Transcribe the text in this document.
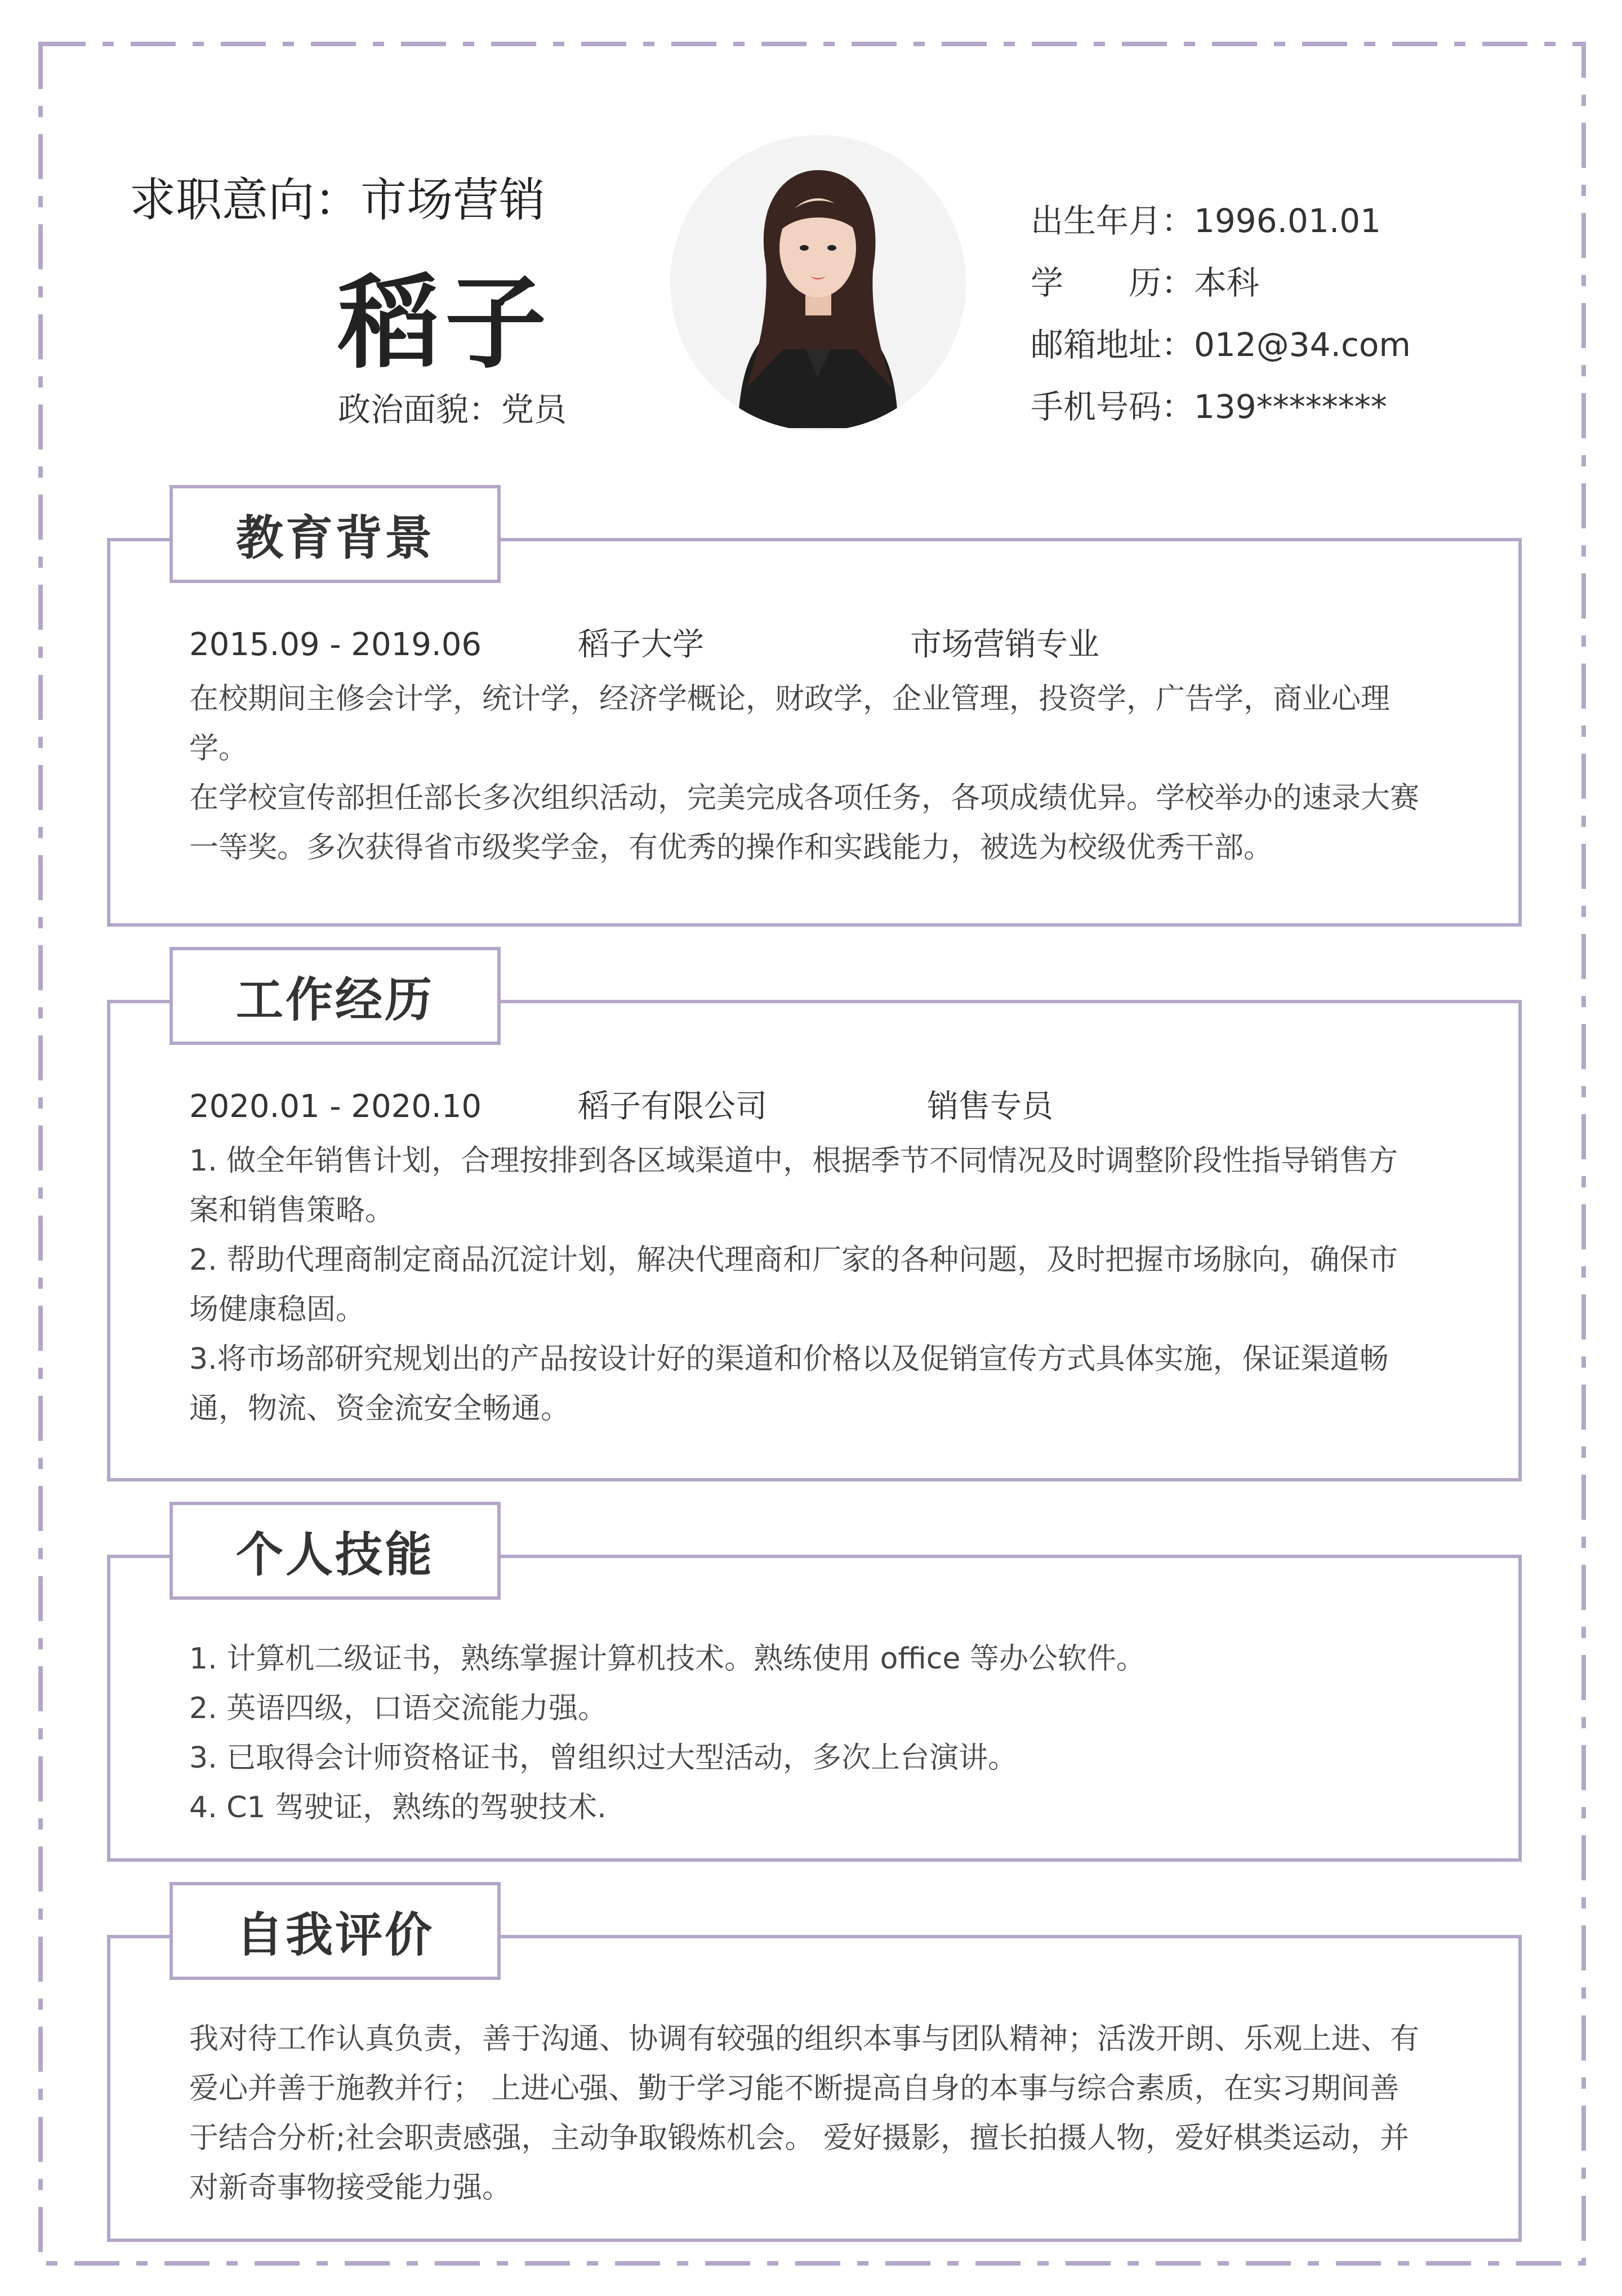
求职意向：市场营销
稻子
政治面貌：党员
出生年月：1996.01.01
学　　历：本科
邮箱地址：012@34.com
手机号码：139********
教育背景
2015.09 - 2019.06	稻子大学	市场营销专业

在校期间主修会计学，统计学，经济学概论，财政学，企业管理，投资学，广告学，商业心理学。

在学校宣传部担任部长多次组织活动，完美完成各项任务，各项成绩优异。学校举办的速录大赛一等奖。多次获得省市级奖学金，有优秀的操作和实践能力，被选为校级优秀干部。

工作经历
2020.01 - 2020.10	稻子有限公司	销售专员

1. 做全年销售计划，合理按排到各区域渠道中，根据季节不同情况及时调整阶段性指导销售方案和销售策略。

2. 帮助代理商制定商品沉淀计划，解决代理商和厂家的各种问题，及时把握市场脉向，确保市场健康稳固。

3.将市场部研究规划出的产品按设计好的渠道和价格以及促销宣传方式具体实施，保证渠道畅通，物流、资金流安全畅通。

个人技能

1. 计算机二级证书，熟练掌握计算机技术。熟练使用 office 等办公软件。

2. 英语四级，口语交流能力强。

3. 已取得会计师资格证书，曾组织过大型活动，多次上台演讲。

4. C1 驾驶证，熟练的驾驶技术.

自我评价

我对待工作认真负责，善于沟通、协调有较强的组织本事与团队精神；活泼开朗、乐观上进、有爱心并善于施教并行； 上进心强、勤于学习能不断提高自身的本事与综合素质，在实习期间善于结合分析;社会职责感强，主动争取锻炼机会。 爱好摄影，擅长拍摄人物，爱好棋类运动，并对新奇事物接受能力强。
